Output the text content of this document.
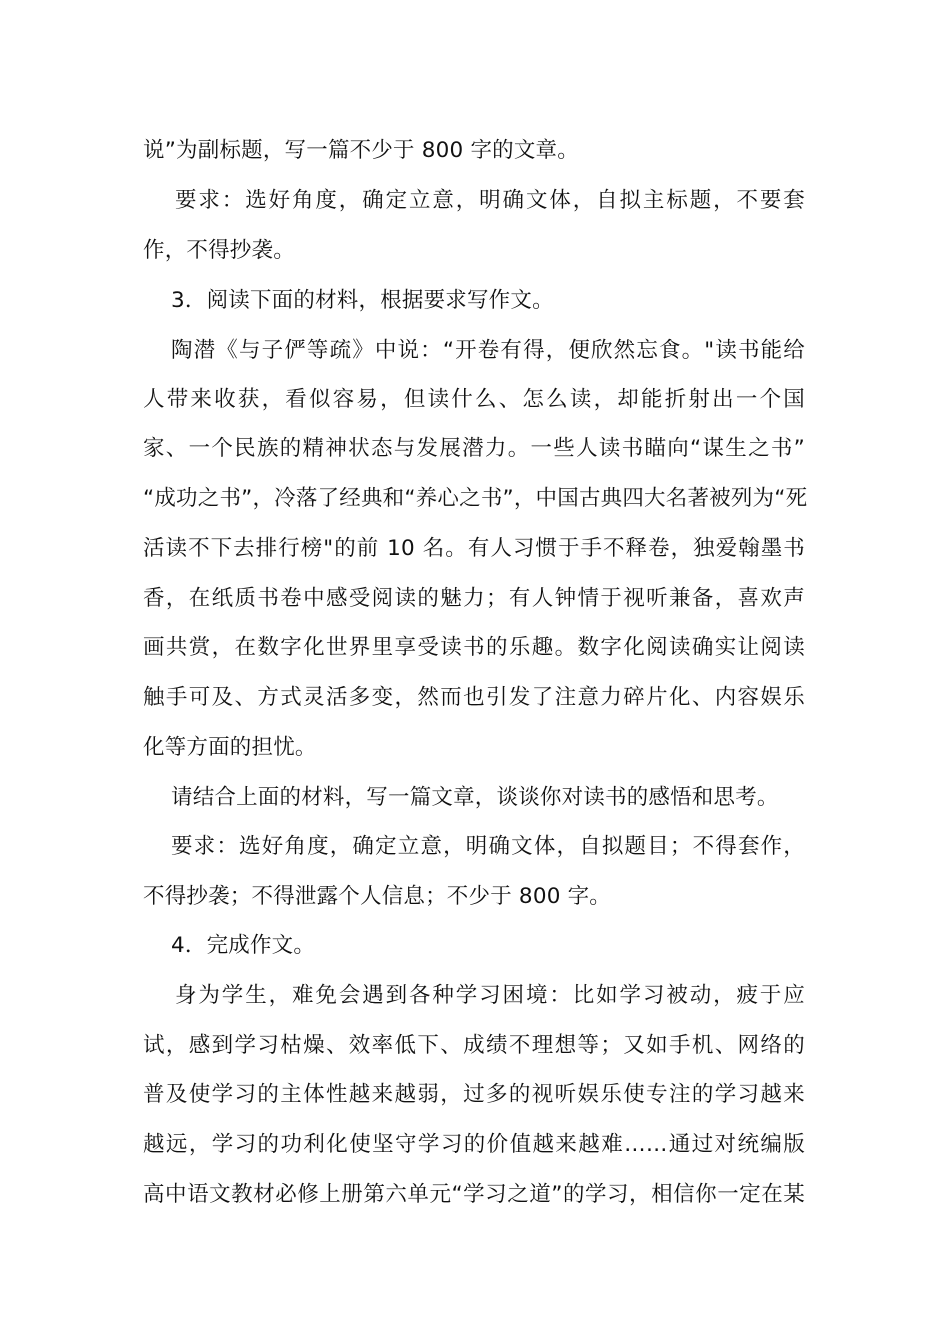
说”为副标题，写一篇不少于 800 字的文章。
要求：选好角度，确定立意，明确文体，自拟主标题，不要套
作，不得抄袭。
3．阅读下面的材料，根据要求写作文。
陶潜《与子俨等疏》中说：“开卷有得，便欣然忘食。"读书能给
人带来收获，看似容易，但读什么、怎么读，却能折射出一个国
家、一个民族的精神状态与发展潜力。一些人读书瞄向“谋生之书”
“成功之书”，冷落了经典和“养心之书”，中国古典四大名著被列为“死
活读不下去排行榜"的前 10 名。有人习惯于手不释卷，独爱翰墨书
香，在纸质书卷中感受阅读的魅力；有人钟情于视听兼备，喜欢声
画共赏，在数字化世界里享受读书的乐趣。数字化阅读确实让阅读
触手可及、方式灵活多变，然而也引发了注意力碎片化、内容娱乐
化等方面的担忧。
请结合上面的材料，写一篇文章，谈谈你对读书的感悟和思考。
要求：选好角度，确定立意，明确文体，自拟题目；不得套作，
不得抄袭；不得泄露个人信息；不少于 800 字。
4．完成作文。
身为学生，难免会遇到各种学习困境：比如学习被动，疲于应
试，感到学习枯燥、效率低下、成绩不理想等；又如手机、网络的
普及使学习的主体性越来越弱，过多的视听娱乐使专注的学习越来
越远，学习的功利化使坚守学习的价值越来越难……通过对统编版
高中语文教材必修上册第六单元“学习之道”的学习，相信你一定在某
